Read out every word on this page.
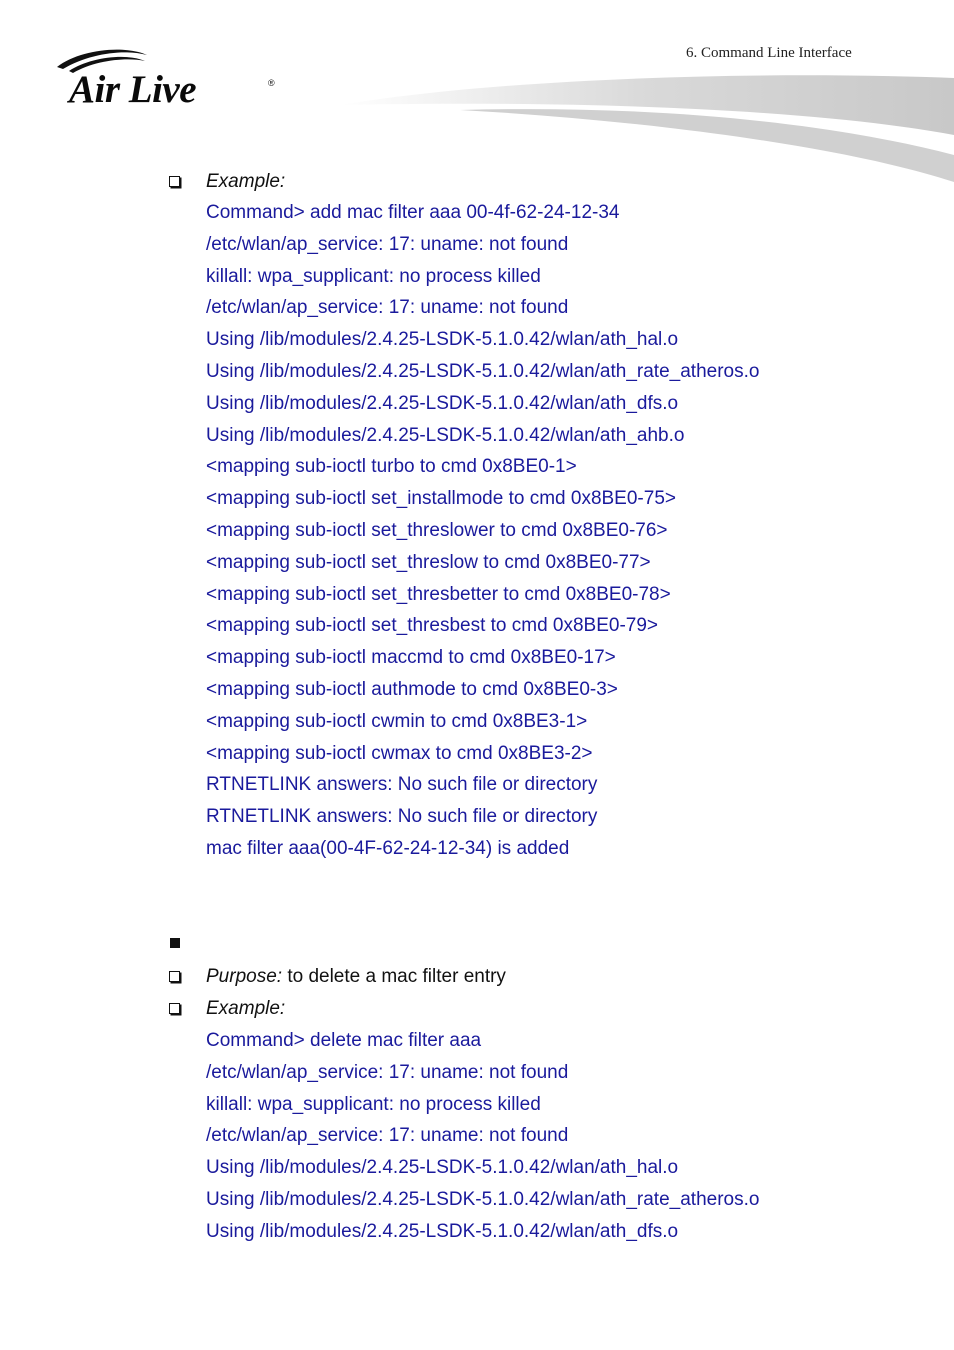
Air Live	®
6. Command Line Interface
Example:
Command> add mac filter aaa 00-4f-62-24-12-34
/etc/wlan/ap_service: 17: uname: not found
killall: wpa_supplicant: no process killed
/etc/wlan/ap_service: 17: uname: not found
Using /lib/modules/2.4.25-LSDK-5.1.0.42/wlan/ath_hal.o
Using /lib/modules/2.4.25-LSDK-5.1.0.42/wlan/ath_rate_atheros.o
Using /lib/modules/2.4.25-LSDK-5.1.0.42/wlan/ath_dfs.o
Using /lib/modules/2.4.25-LSDK-5.1.0.42/wlan/ath_ahb.o
<mapping sub-ioctl turbo to cmd 0x8BE0-1>
<mapping sub-ioctl set_installmode to cmd 0x8BE0-75>
<mapping sub-ioctl set_threslower to cmd 0x8BE0-76>
<mapping sub-ioctl set_threslow to cmd 0x8BE0-77>
<mapping sub-ioctl set_thresbetter to cmd 0x8BE0-78>
<mapping sub-ioctl set_thresbest to cmd 0x8BE0-79>
<mapping sub-ioctl maccmd to cmd 0x8BE0-17>
<mapping sub-ioctl authmode to cmd 0x8BE0-3>
<mapping sub-ioctl cwmin to cmd 0x8BE3-1>
<mapping sub-ioctl cwmax to cmd 0x8BE3-2>
RTNETLINK answers: No such file or directory
RTNETLINK answers: No such file or directory
mac filter aaa(00-4F-62-24-12-34) is added
Purpose: to delete a mac filter entry
Example:
Command> delete mac filter aaa
/etc/wlan/ap_service: 17: uname: not found
killall: wpa_supplicant: no process killed
/etc/wlan/ap_service: 17: uname: not found
Using /lib/modules/2.4.25-LSDK-5.1.0.42/wlan/ath_hal.o
Using /lib/modules/2.4.25-LSDK-5.1.0.42/wlan/ath_rate_atheros.o
Using /lib/modules/2.4.25-LSDK-5.1.0.42/wlan/ath_dfs.o
